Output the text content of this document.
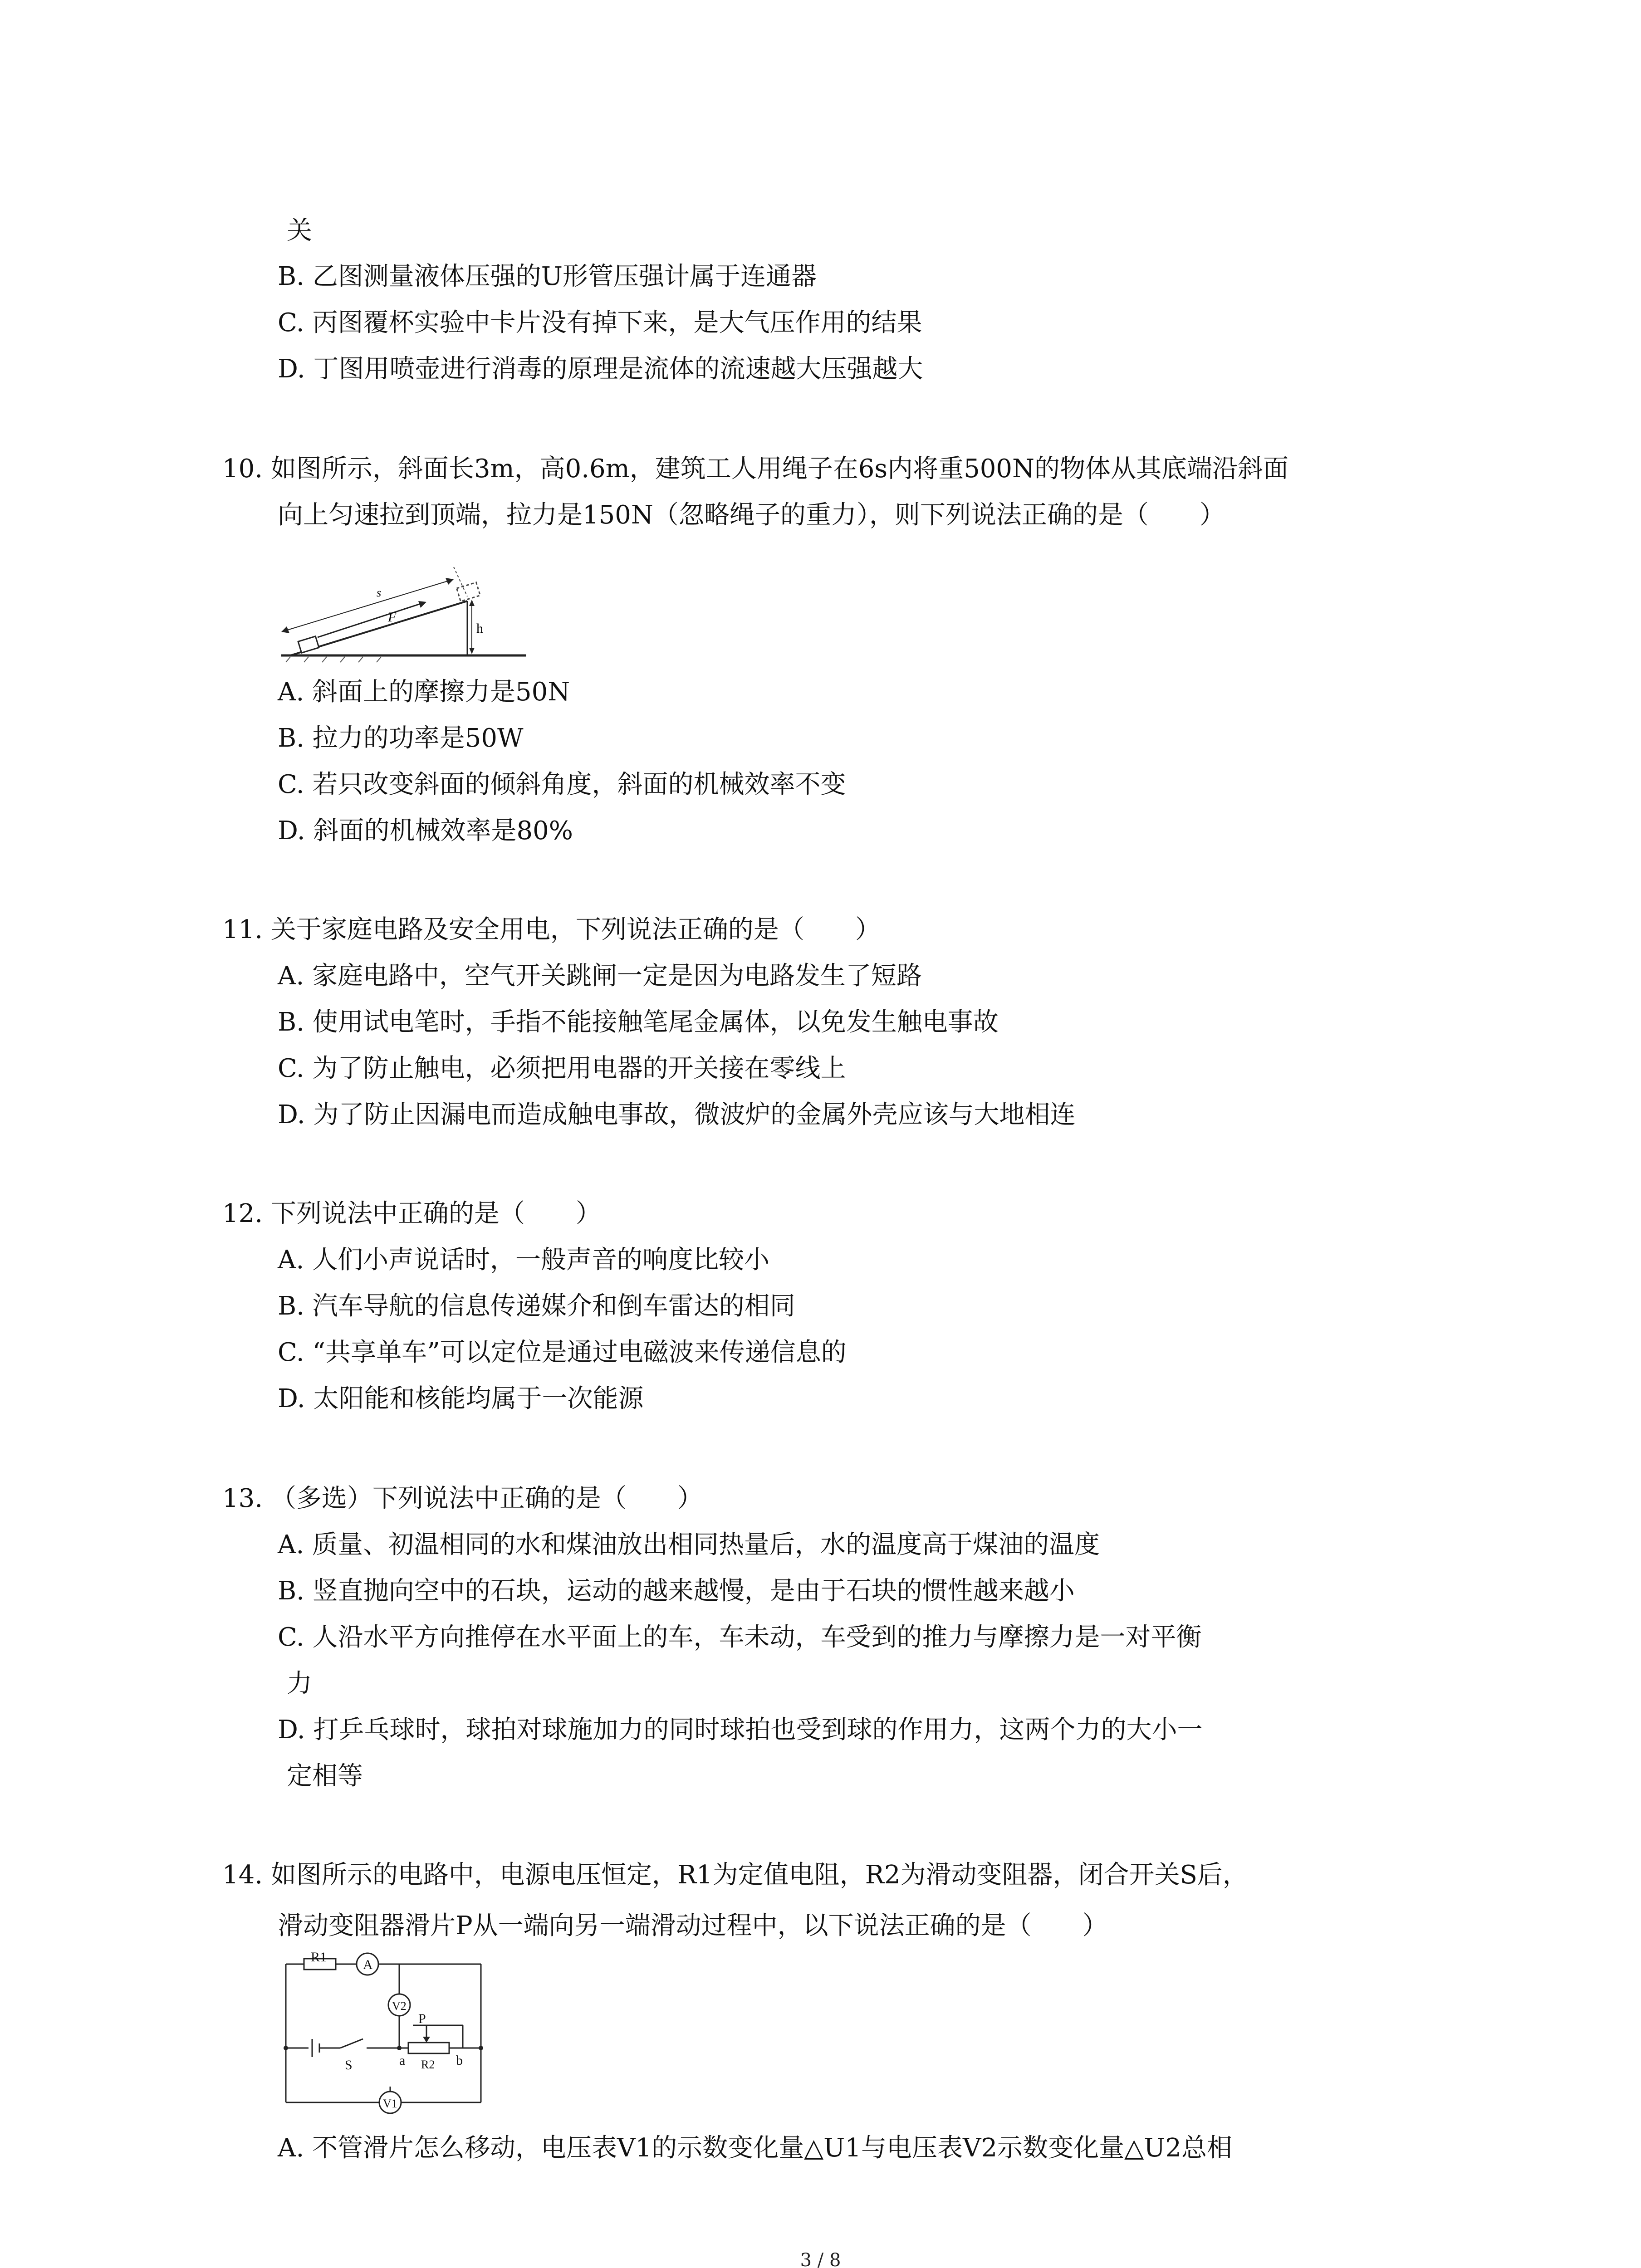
关

B. 乙图测量液体压强的U形管压强计属于连通器

C. 丙图覆杯实验中卡片没有掉下来，是大气压作用的结果

D. 丁图用喷壶进行消毒的原理是流体的流速越大压强越大

10. 如图所示，斜面长3m，高0.6m，建筑工人用绳子在6s内将重500N的物体从其底端沿斜面

向上匀速拉到顶端，拉力是150N（忽略绳子的重力），则下列说法正确的是（　　）

s
F
h

A. 斜面上的摩擦力是50N

B. 拉力的功率是50W

C. 若只改变斜面的倾斜角度，斜面的机械效率不变

D. 斜面的机械效率是80%

11. 关于家庭电路及安全用电，下列说法正确的是（　　）

A. 家庭电路中，空气开关跳闸一定是因为电路发生了短路

B. 使用试电笔时，手指不能接触笔尾金属体，以免发生触电事故

C. 为了防止触电，必须把用电器的开关接在零线上

D. 为了防止因漏电而造成触电事故，微波炉的金属外壳应该与大地相连

12. 下列说法中正确的是（　　）

A. 人们小声说话时，一般声音的响度比较小

B. 汽车导航的信息传递媒介和倒车雷达的相同

C. “共享单车”可以定位是通过电磁波来传递信息的

D. 太阳能和核能均属于一次能源

13. （多选）下列说法中正确的是（　　）

A. 质量、初温相同的水和煤油放出相同热量后，水的温度高于煤油的温度

B. 竖直抛向空中的石块，运动的越来越慢，是由于石块的惯性越来越小

C. 人沿水平方向推停在水平面上的车，车未动，车受到的推力与摩擦力是一对平衡

力

D. 打乒乓球时，球拍对球施加力的同时球拍也受到球的作用力，这两个力的大小一

定相等

14. 如图所示的电路中，电源电压恒定，R1为定值电阻，R2为滑动变阻器，闭合开关S后，

滑动变阻器滑片P从一端向另一端滑动过程中，以下说法正确的是（　　）

R1
A
V2
P
S	a R2 b
V1

A. 不管滑片怎么移动，电压表V1的示数变化量△U1与电压表V2示数变化量△U2总相

3 / 8
